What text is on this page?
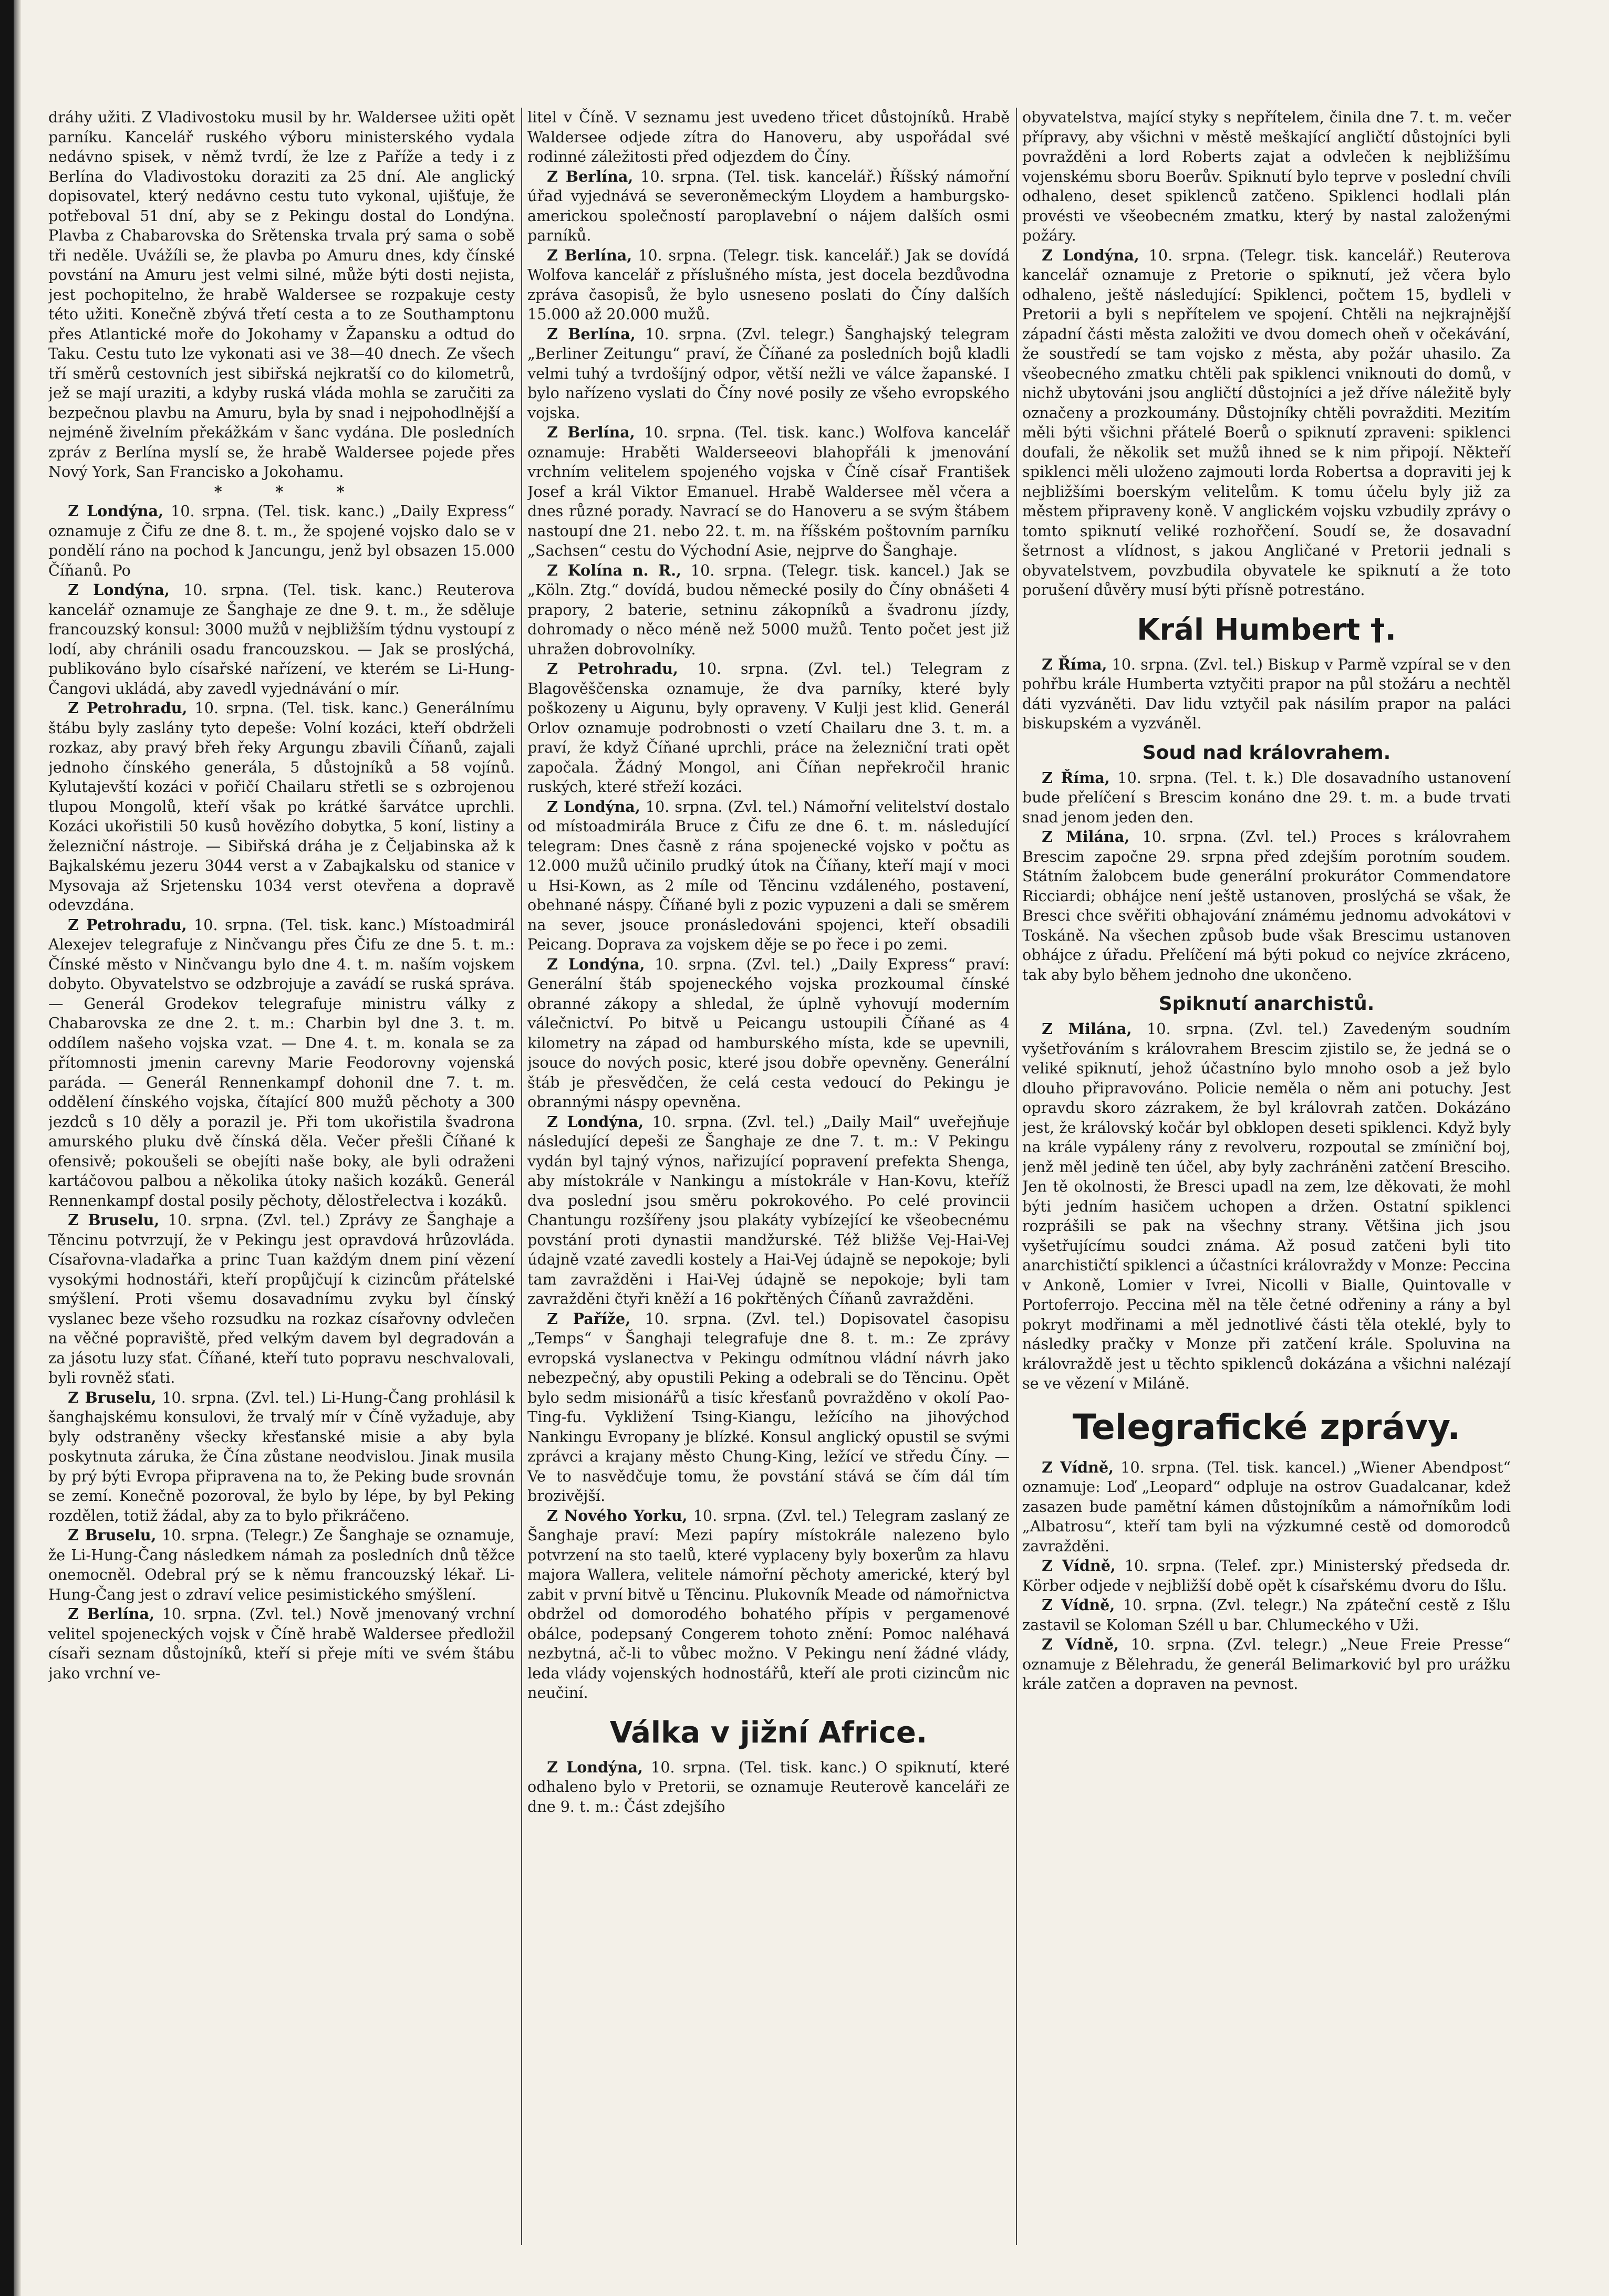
dráhy užiti. Z Vladivostoku musil by hr. Waldersee užiti opět parníku. Kancelář ruského výboru ministerského vydala nedávno spisek, v němž tvrdí, že lze z Paříže a tedy i z Berlína do Vladivostoku doraziti za 25 dní. Ale anglický dopisovatel, který nedávno cestu tuto vykonal, ujišťuje, že potřeboval 51 dní, aby se z Pekingu dostal do Londýna. Plavba z Chabarovska do Srětenska trvala prý sama o sobě tři neděle. Uvážíli se, že plavba po Amuru dnes, kdy čínské povstání na Amuru jest velmi silné, může býti dosti nejista, jest pochopitelno, že hrabě Waldersee se rozpakuje cesty této užiti. Konečně zbývá třetí cesta a to ze Southamptonu přes Atlantické moře do Jokohamy v Žapansku a odtud do Taku. Cestu tuto lze vykonati asi ve 38—40 dnech. Ze všech tří směrů cestovních jest sibiřská nejkratší co do kilometrů, jež se mají uraziti, a kdyby ruská vláda mohla se zaručiti za bezpečnou plavbu na Amuru, byla by snad i nejpohodlnější a nejméně živelním překážkám v šanc vydána. Dle posledních zpráv z Berlína myslí se, že hrabě Waldersee pojede přes Nový York, San Francisko a Jokohamu.

* * *

Z Londýna, 10. srpna. (Tel. tisk. kanc.) „Daily Express“ oznamuje z Čifu ze dne 8. t. m., že spojené vojsko dalo se v pondělí ráno na pochod k Jancungu, jenž byl obsazen 15.000 Číňanů. Po

Z Londýna, 10. srpna. (Tel. tisk. kanc.) Reuterova kancelář oznamuje ze Šanghaje ze dne 9. t. m., že sděluje francouzský konsul: 3000 mužů v nejbližším týdnu vystoupí z lodí, aby chránili osadu francouzskou. — Jak se proslýchá, publikováno bylo císařské nařízení, ve kterém se Li-Hung-Čangovi ukládá, aby zavedl vyjednávání o mír.

Z Petrohradu, 10. srpna. (Tel. tisk. kanc.) Generálnímu štábu byly zaslány tyto depeše: Volní kozáci, kteří obdrželi rozkaz, aby pravý břeh řeky Argungu zbavili Číňanů, zajali jednoho čínského generála, 5 důstojníků a 58 vojínů. Kylutajevští kozáci v pořičí Chailaru střetli se s ozbrojenou tlupou Mongolů, kteří však po krátké šarvátce uprchli. Kozáci ukořistili 50 kusů hovězího dobytka, 5 koní, listiny a železniční nástroje. — Sibiřská dráha je z Čeljabinska až k Bajkalskému jezeru 3044 verst a v Zabajkalsku od stanice v Mysovaja až Srjetensku 1034 verst otevřena a dopravě odevzdána.

Z Petrohradu, 10. srpna. (Tel. tisk. kanc.) Místoadmirál Alexejev telegrafuje z Ninčvangu přes Čifu ze dne 5. t. m.: Čínské město v Ninčvangu bylo dne 4. t. m. naším vojskem dobyto. Obyvatelstvo se odzbrojuje a zavádí se ruská správa. — Generál Grodekov telegrafuje ministru války z Chabarovska ze dne 2. t. m.: Charbin byl dne 3. t. m. oddílem našeho vojska vzat. — Dne 4. t. m. konala se za přítomnosti jmenin carevny Marie Feodorovny vojenská paráda. — Generál Rennenkampf dohonil dne 7. t. m. oddělení čínského vojska, čítající 800 mužů pěchoty a 300 jezdců s 10 děly a porazil je. Při tom ukořistila švadrona amurského pluku dvě čínská děla. Večer přešli Číňané k ofensivě; pokoušeli se obejíti naše boky, ale byli odraženi kartáčovou palbou a několika útoky našich kozáků. Generál Rennenkampf dostal posily pěchoty, dělostřelectva i kozáků.

Z Bruselu, 10. srpna. (Zvl. tel.) Zprávy ze Šanghaje a Těncinu potvrzují, že v Pekingu jest opravdová hrůzovláda. Císařovna-vladařka a princ Tuan každým dnem piní vězení vysokými hodnostáři, kteří propůjčují k cizincům přátelské smýšlení. Proti všemu dosavadnímu zvyku byl čínský vyslanec beze všeho rozsudku na rozkaz císařovny odvlečen na věčné popraviště, před velkým davem byl degradován a za jásotu luzy sťat. Číňané, kteří tuto popravu neschvalovali, byli rovněž sťati.

Z Bruselu, 10. srpna. (Zvl. tel.) Li-Hung-Čang prohlásil k šanghajskému konsulovi, že trvalý mír v Číně vyžaduje, aby byly odstraněny všecky křesťanské misie a aby byla poskytnuta záruka, že Čína zůstane neodvislou. Jinak musila by prý býti Evropa připravena na to, že Peking bude srovnán se zemí. Konečně pozoroval, že bylo by lépe, by byl Peking rozdělen, totiž žádal, aby za to bylo přikráčeno.

Z Bruselu, 10. srpna. (Telegr.) Ze Šanghaje se oznamuje, že Li-Hung-Čang následkem námah za posledních dnů těžce onemocněl. Odebral prý se k němu francouzský lékař. Li-Hung-Čang jest o zdraví velice pesimistického smýšlení.

Z Berlína, 10. srpna. (Zvl. tel.) Nově jmenovaný vrchní velitel spojeneckých vojsk v Číně hrabě Waldersee předložil císaři seznam důstojníků, kteří si přeje míti ve svém štábu jako vrchní ve-

litel v Číně. V seznamu jest uvedeno třicet důstojníků. Hrabě Waldersee odjede zítra do Hanoveru, aby uspořádal své rodinné záležitosti před odjezdem do Číny.

Z Berlína, 10. srpna. (Tel. tisk. kancelář.) Říšský námořní úřad vyjednává se severoněmeckým Lloydem a hamburgsko-americkou společností paroplavební o nájem dalších osmi parníků.

Z Berlína, 10. srpna. (Telegr. tisk. kancelář.) Jak se dovídá Wolfova kancelář z příslušného místa, jest docela bezdůvodna zpráva časopisů, že bylo usneseno poslati do Číny dalších 15.000 až 20.000 mužů.

Z Berlína, 10. srpna. (Zvl. telegr.) Šanghajský telegram „Berliner Zeitungu“ praví, že Číňané za posledních bojů kladli velmi tuhý a tvrdošíjný odpor, větší nežli ve válce žapanské. I bylo nařízeno vyslati do Číny nové posily ze všeho evropského vojska.

Z Berlína, 10. srpna. (Tel. tisk. kanc.) Wolfova kancelář oznamuje: Hraběti Walderseeovi blahopřáli k jmenování vrchním velitelem spojeného vojska v Číně císař František Josef a král Viktor Emanuel. Hrabě Waldersee měl včera a dnes různé porady. Navrací se do Hanoveru a se svým štábem nastoupí dne 21. nebo 22. t. m. na říšském poštovním parníku „Sachsen“ cestu do Východní Asie, nejprve do Šanghaje.

Z Kolína n. R., 10. srpna. (Telegr. tisk. kancel.) Jak se „Köln. Ztg.“ dovídá, budou německé posily do Číny obnášeti 4 prapory, 2 baterie, setninu zákopníků a švadronu jízdy, dohromady o něco méně než 5000 mužů. Tento počet jest již uhražen dobrovolníky.

Z Petrohradu, 10. srpna. (Zvl. tel.) Telegram z Blagověščenska oznamuje, že dva parníky, které byly poškozeny u Aigunu, byly opraveny. V Kulji jest klid. Generál Orlov oznamuje podrobnosti o vzetí Chailaru dne 3. t. m. a praví, že když Číňané uprchli, práce na železniční trati opět započala. Žádný Mongol, ani Číňan nepřekročil hranic ruských, které střeží kozáci.

Z Londýna, 10. srpna. (Zvl. tel.) Námořní velitelství dostalo od místoadmirála Bruce z Čifu ze dne 6. t. m. následující telegram: Dnes časně z rána spojenecké vojsko v počtu as 12.000 mužů učinilo prudký útok na Číňany, kteří mají v moci u Hsi-Kown, as 2 míle od Těncinu vzdáleného, postavení, obehnané náspy. Číňané byli z pozic vypuzeni a dali se směrem na sever, jsouce pronásledováni spojenci, kteří obsadili Peicang. Doprava za vojskem děje se po řece i po zemi.

Z Londýna, 10. srpna. (Zvl. tel.) „Daily Express“ praví: Generální štáb spojeneckého vojska prozkoumal čínské obranné zákopy a shledal, že úplně vyhovují moderním válečnictví. Po bitvě u Peicangu ustoupili Číňané as 4 kilometry na západ od hamburského místa, kde se upevnili, jsouce do nových posic, které jsou dobře opevněny. Generální štáb je přesvědčen, že celá cesta vedoucí do Pekingu je obrannými náspy opevněna.

Z Londýna, 10. srpna. (Zvl. tel.) „Daily Mail“ uveřejňuje následující depeši ze Šanghaje ze dne 7. t. m.: V Pekingu vydán byl tajný výnos, nařizující popravení prefekta Shenga, aby místokrále v Nankingu a místokrále v Han-Kovu, kteříž dva poslední jsou směru pokrokového. Po celé provincii Chantungu rozšířeny jsou plakáty vybízející ke všeobecnému povstání proti dynastii mandžurské. Též bližše Vej-Hai-Vej údajně vzaté zavedli kostely a Hai-Vej údajně se nepokoje; byli tam zavražděni i Hai-Vej údajně se nepokoje; byli tam zavražděni čtyři kněží a 16 pokřtěných Číňanů zavražděni.

Z Paříže, 10. srpna. (Zvl. tel.) Dopisovatel časopisu „Temps“ v Šanghaji telegrafuje dne 8. t. m.: Ze zprávy evropská vyslanectva v Pekingu odmítnou vládní návrh jako nebezpečný, aby opustili Peking a odebrali se do Těncinu. Opět bylo sedm misionářů a tisíc křesťanů povražděno v okolí Pao-Ting-fu. Vykližení Tsing-Kiangu, ležícího na jihovýchod Nankingu Evropany je blízké. Konsul anglický opustil se svými zprávci a krajany město Chung-King, ležící ve středu Číny. — Ve to nasvědčuje tomu, že povstání stává se čím dál tím brozivější.

Z Nového Yorku, 10. srpna. (Zvl. tel.) Telegram zaslaný ze Šanghaje praví: Mezi papíry místokrále nalezeno bylo potvrzení na sto taelů, které vyplaceny byly boxerům za hlavu majora Wallera, velitele námořní pěchoty americké, který byl zabit v první bitvě u Těncinu. Plukovník Meade od námořnictva obdržel od domorodého bohatého přípis v pergamenové obálce, podepsaný Congerem tohoto znění: Pomoc naléhavá nezbytná, ač-li to vůbec možno. V Pekingu není žádné vlády, leda vlády vojenských hodnostářů, kteří ale proti cizincům nic neučiní.

Válka v jižní Africe.

Z Londýna, 10. srpna. (Tel. tisk. kanc.) O spiknutí, které odhaleno bylo v Pretorii, se oznamuje Reuterově kanceláři ze dne 9. t. m.: Část zdejšího

obyvatelstva, mající styky s nepřítelem, činila dne 7. t. m. večer přípravy, aby všichni v městě meškající angličtí důstojníci byli povražděni a lord Roberts zajat a odvlečen k nejbližšímu vojenskému sboru Boerův. Spiknutí bylo teprve v poslední chvíli odhaleno, deset spiklenců zatčeno. Spiklenci hodlali plán provésti ve všeobecném zmatku, který by nastal založenými požáry.

Z Londýna, 10. srpna. (Telegr. tisk. kancelář.) Reuterova kancelář oznamuje z Pretorie o spiknutí, jež včera bylo odhaleno, ještě následující: Spiklenci, počtem 15, bydleli v Pretorii a byli s nepřítelem ve spojení. Chtěli na nejkrajnější západní části města založiti ve dvou domech oheň v očekávání, že soustředí se tam vojsko z města, aby požár uhasilo. Za všeobecného zmatku chtěli pak spiklenci vniknouti do domů, v nichž ubytováni jsou angličtí důstojníci a jež dříve náležitě byly označeny a prozkoumány. Důstojníky chtěli povražditi. Mezitím měli býti všichni přátelé Boerů o spiknutí zpraveni: spiklenci doufali, že několik set mužů ihned se k nim připojí. Někteří spiklenci měli uloženo zajmouti lorda Robertsa a dopraviti jej k nejbližšími boerským velitelům. K tomu účelu byly již za městem připraveny koně. V anglickém vojsku vzbudily zprávy o tomto spiknutí veliké rozhořčení. Soudí se, že dosavadní šetrnost a vlídnost, s jakou Angličané v Pretorii jednali s obyvatelstvem, povzbudila obyvatele ke spiknutí a že toto porušení důvěry musí býti přísně potrestáno.

Král Humbert †.

Z Říma, 10. srpna. (Zvl. tel.) Biskup v Parmě vzpíral se v den pohřbu krále Humberta vztyčiti prapor na půl stožáru a nechtěl dáti vyzváněti. Dav lidu vztyčil pak násilím prapor na paláci biskupském a vyzváněl.

Soud nad královrahem.

Z Říma, 10. srpna. (Tel. t. k.) Dle dosavadního ustanovení bude přelíčení s Brescim konáno dne 29. t. m. a bude trvati snad jenom jeden den.

Z Milána, 10. srpna. (Zvl. tel.) Proces s královrahem Brescim započne 29. srpna před zdejším porotním soudem. Státním žalobcem bude generální prokurátor Commendatore Ricciardi; obhájce není ještě ustanoven, proslýchá se však, že Bresci chce svěřiti obhajování známému jednomu advokátovi v Toskáně. Na všechen způsob bude však Brescimu ustanoven obhájce z úřadu. Přelíčení má býti pokud co nejvíce zkráceno, tak aby bylo během jednoho dne ukončeno.

Spiknutí anarchistů.

Z Milána, 10. srpna. (Zvl. tel.) Zavedeným soudním vyšetřováním s královrahem Brescim zjistilo se, že jedná se o veliké spiknutí, jehož účastníno bylo mnoho osob a jež bylo dlouho připravováno. Policie neměla o něm ani potuchy. Jest opravdu skoro zázrakem, že byl královrah zatčen. Dokázáno jest, že královský kočár byl obklopen deseti spiklenci. Když byly na krále vypáleny rány z revolveru, rozpoutal se zmíniční boj, jenž měl jedině ten účel, aby byly zachráněni zatčení Bresciho. Jen tě okolnosti, že Bresci upadl na zem, lze děkovati, že mohl býti jedním hasičem uchopen a držen. Ostatní spiklenci rozprášili se pak na všechny strany. Většina jich jsou vyšetřujícímu soudci známa. Až posud zatčeni byli tito anarchističtí spiklenci a účastníci královraždy v Monze: Peccina v Ankoně, Lomier v Ivrei, Nicolli v Bialle, Quintovalle v Portoferrojo. Peccina měl na těle četné odřeniny a rány a byl pokryt modřinami a měl jednotlivé části těla oteklé, byly to následky pračky v Monze při zatčení krále. Spoluvina na královraždě jest u těchto spiklenců dokázána a všichni nalézají se ve vězení v Miláně.

Telegrafické zprávy.

Z Vídně, 10. srpna. (Tel. tisk. kancel.) „Wiener Abendpost“ oznamuje: Loď „Leopard“ odpluje na ostrov Guadalcanar, kdež zasazen bude pamětní kámen důstojníkům a námořníkům lodi „Albatrosu“, kteří tam byli na výzkumné cestě od domorodců zavražděni.

Z Vídně, 10. srpna. (Telef. zpr.) Ministerský předseda dr. Körber odjede v nejbližší době opět k císařskému dvoru do Išlu.

Z Vídně, 10. srpna. (Zvl. telegr.) Na zpáteční cestě z Išlu zastavil se Koloman Széll u bar. Chlumeckého v Uži.

Z Vídně, 10. srpna. (Zvl. telegr.) „Neue Freie Presse“ oznamuje z Bělehradu, že generál Belimarković byl pro urážku krále zatčen a dopraven na pevnost.
